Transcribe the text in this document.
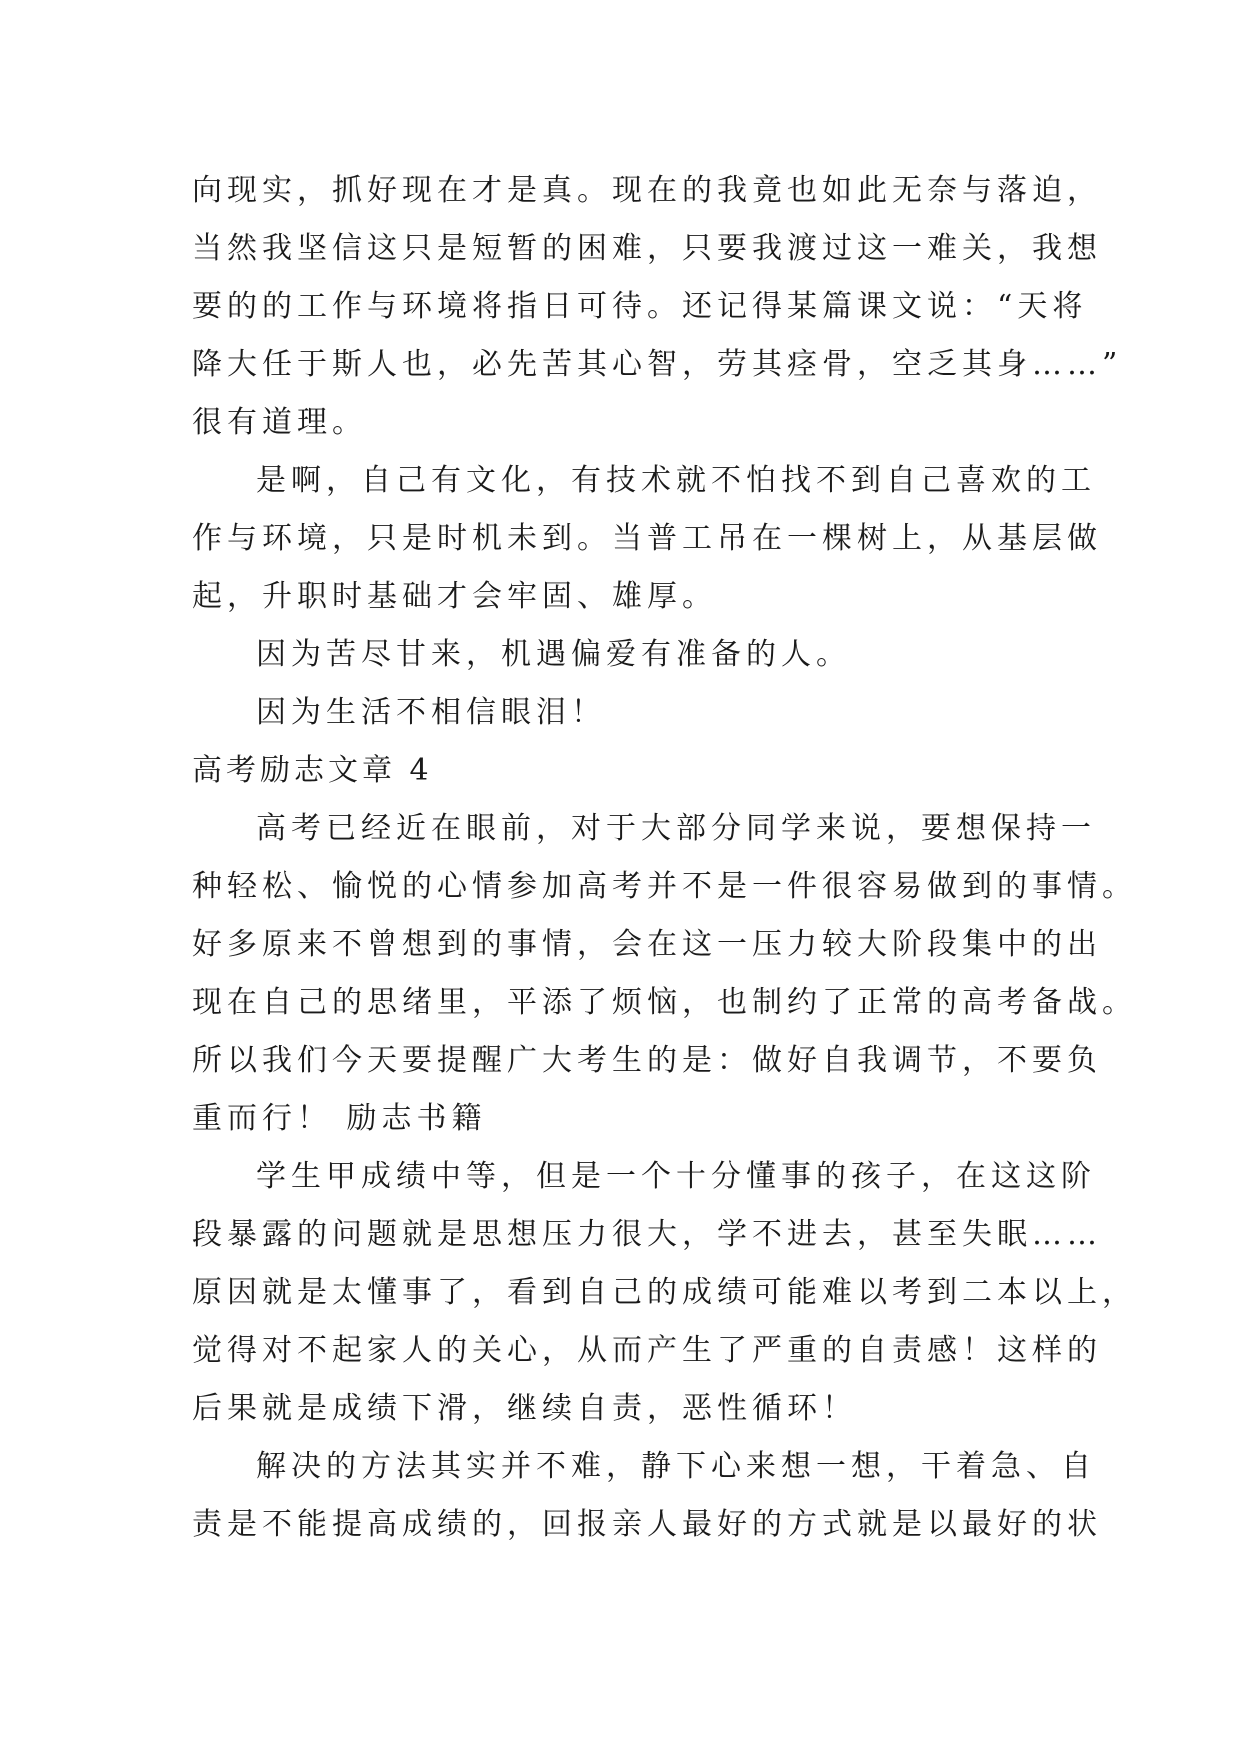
向现实，抓好现在才是真。现在的我竟也如此无奈与落迫，
当然我坚信这只是短暂的困难，只要我渡过这一难关，我想
要的的工作与环境将指日可待。还记得某篇课文说：“天将
降大任于斯人也，必先苦其心智，劳其痉骨，空乏其身……”
很有道理。
是啊，自己有文化，有技术就不怕找不到自己喜欢的工
作与环境，只是时机未到。当普工吊在一棵树上，从基层做
起，升职时基础才会牢固、雄厚。
因为苦尽甘来，机遇偏爱有准备的人。
因为生活不相信眼泪！
高考励志文章 4
高考已经近在眼前，对于大部分同学来说，要想保持一
种轻松、愉悦的心情参加高考并不是一件很容易做到的事情。
好多原来不曾想到的事情，会在这一压力较大阶段集中的出
现在自己的思绪里，平添了烦恼，也制约了正常的高考备战。
所以我们今天要提醒广大考生的是：做好自我调节，不要负
重而行！ 励志书籍
学生甲成绩中等，但是一个十分懂事的孩子，在这这阶
段暴露的问题就是思想压力很大，学不进去，甚至失眠……
原因就是太懂事了，看到自己的成绩可能难以考到二本以上，
觉得对不起家人的关心，从而产生了严重的自责感！这样的
后果就是成绩下滑，继续自责，恶性循环！
解决的方法其实并不难，静下心来想一想，干着急、自
责是不能提高成绩的，回报亲人最好的方式就是以最好的状
